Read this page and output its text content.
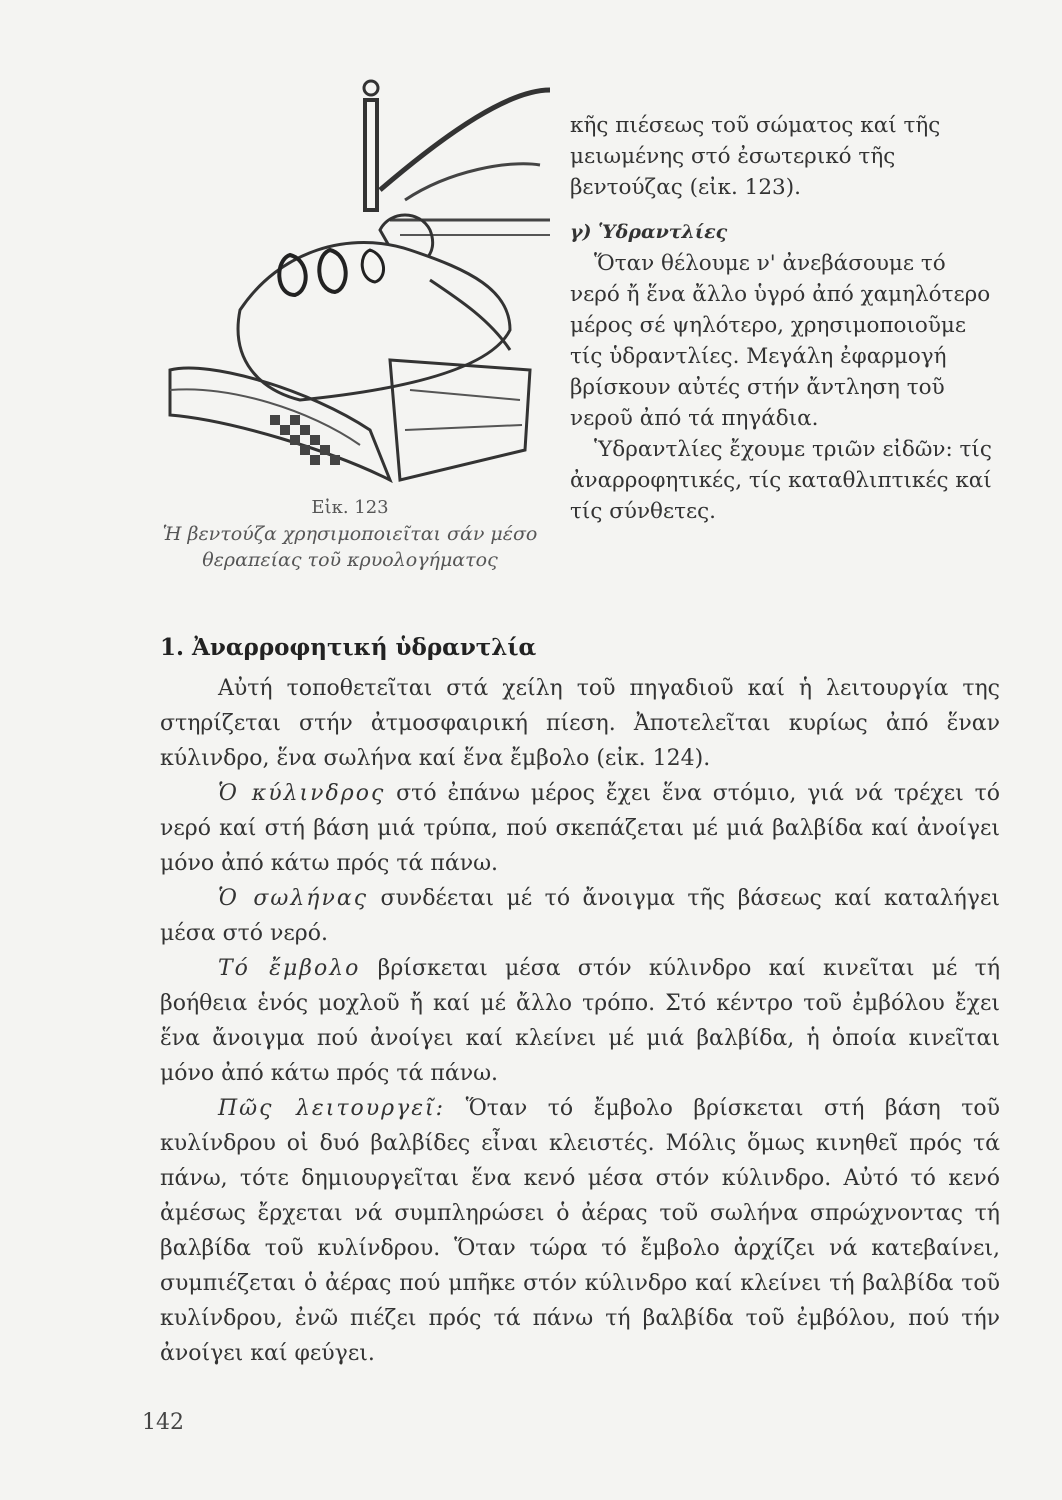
Εἰκ. 123
Ἡ βεντούζα χρησιμοποιεῖται σάν μέσο
θεραπείας τοῦ κρυολογήματος

κῆς πιέσεως τοῦ σώματος καί τῆς μειωμένης στό ἐσωτερικό τῆς βεντούζας (εἰκ. 123).

γ) Ὑδραντλίες

Ὅταν θέλουμε ν' ἀνεβάσουμε τό νερό ἤ ἕνα ἄλλο ὑγρό ἀπό χαμηλότερο μέρος σέ ψηλότερο, χρησιμοποιοῦμε τίς ὑδραντλίες. Μεγάλη ἐφαρμογή βρίσκουν αὐτές στήν ἄντληση τοῦ νεροῦ ἀπό τά πηγάδια.

Ὑδραντλίες ἔχουμε τριῶν εἰδῶν: τίς ἀναρροφητικές, τίς καταθλιπτικές καί τίς σύνθετες.

1. Ἀναρροφητική ὑδραντλία

Αὐτή τοποθετεῖται στά χείλη τοῦ πηγαδιοῦ καί ἡ λειτουργία της στηρίζεται στήν ἀτμοσφαιρική πίεση. Ἀποτελεῖται κυρίως ἀπό ἕναν κύλινδρο, ἕνα σωλήνα καί ἕνα ἔμβολο (εἰκ. 124).

Ὁ κύλινδρος στό ἐπάνω μέρος ἔχει ἕνα στόμιο, γιά νά τρέχει τό νερό καί στή βάση μιά τρύπα, πού σκεπάζεται μέ μιά βαλβίδα καί ἀνοίγει μόνο ἀπό κάτω πρός τά πάνω.

Ὁ σωλήνας συνδέεται μέ τό ἄνοιγμα τῆς βάσεως καί καταλήγει μέσα στό νερό.

Τό ἔμβολο βρίσκεται μέσα στόν κύλινδρο καί κινεῖται μέ τή βοήθεια ἑνός μοχλοῦ ἤ καί μέ ἄλλο τρόπο. Στό κέντρο τοῦ ἐμβόλου ἔχει ἕνα ἄνοιγμα πού ἀνοίγει καί κλείνει μέ μιά βαλβίδα, ἡ ὁποία κινεῖται μόνο ἀπό κάτω πρός τά πάνω.

Πῶς λειτουργεῖ: Ὅταν τό ἔμβολο βρίσκεται στή βάση τοῦ κυλίνδρου οἱ δυό βαλβίδες εἶναι κλειστές. Μόλις ὅμως κινηθεῖ πρός τά πάνω, τότε δημιουργεῖται ἕνα κενό μέσα στόν κύλινδρο. Αὐτό τό κενό ἀμέσως ἔρχεται νά συμπληρώσει ὁ ἀέρας τοῦ σωλήνα σπρώχνοντας τή βαλβίδα τοῦ κυλίνδρου. Ὅταν τώρα τό ἔμβολο ἀρχίζει νά κατεβαίνει, συμπιέζεται ὁ ἀέρας πού μπῆκε στόν κύλινδρο καί κλείνει τή βαλβίδα τοῦ κυλίνδρου, ἐνῶ πιέζει πρός τά πάνω τή βαλβίδα τοῦ ἐμβόλου, πού τήν ἀνοίγει καί φεύγει.

142
